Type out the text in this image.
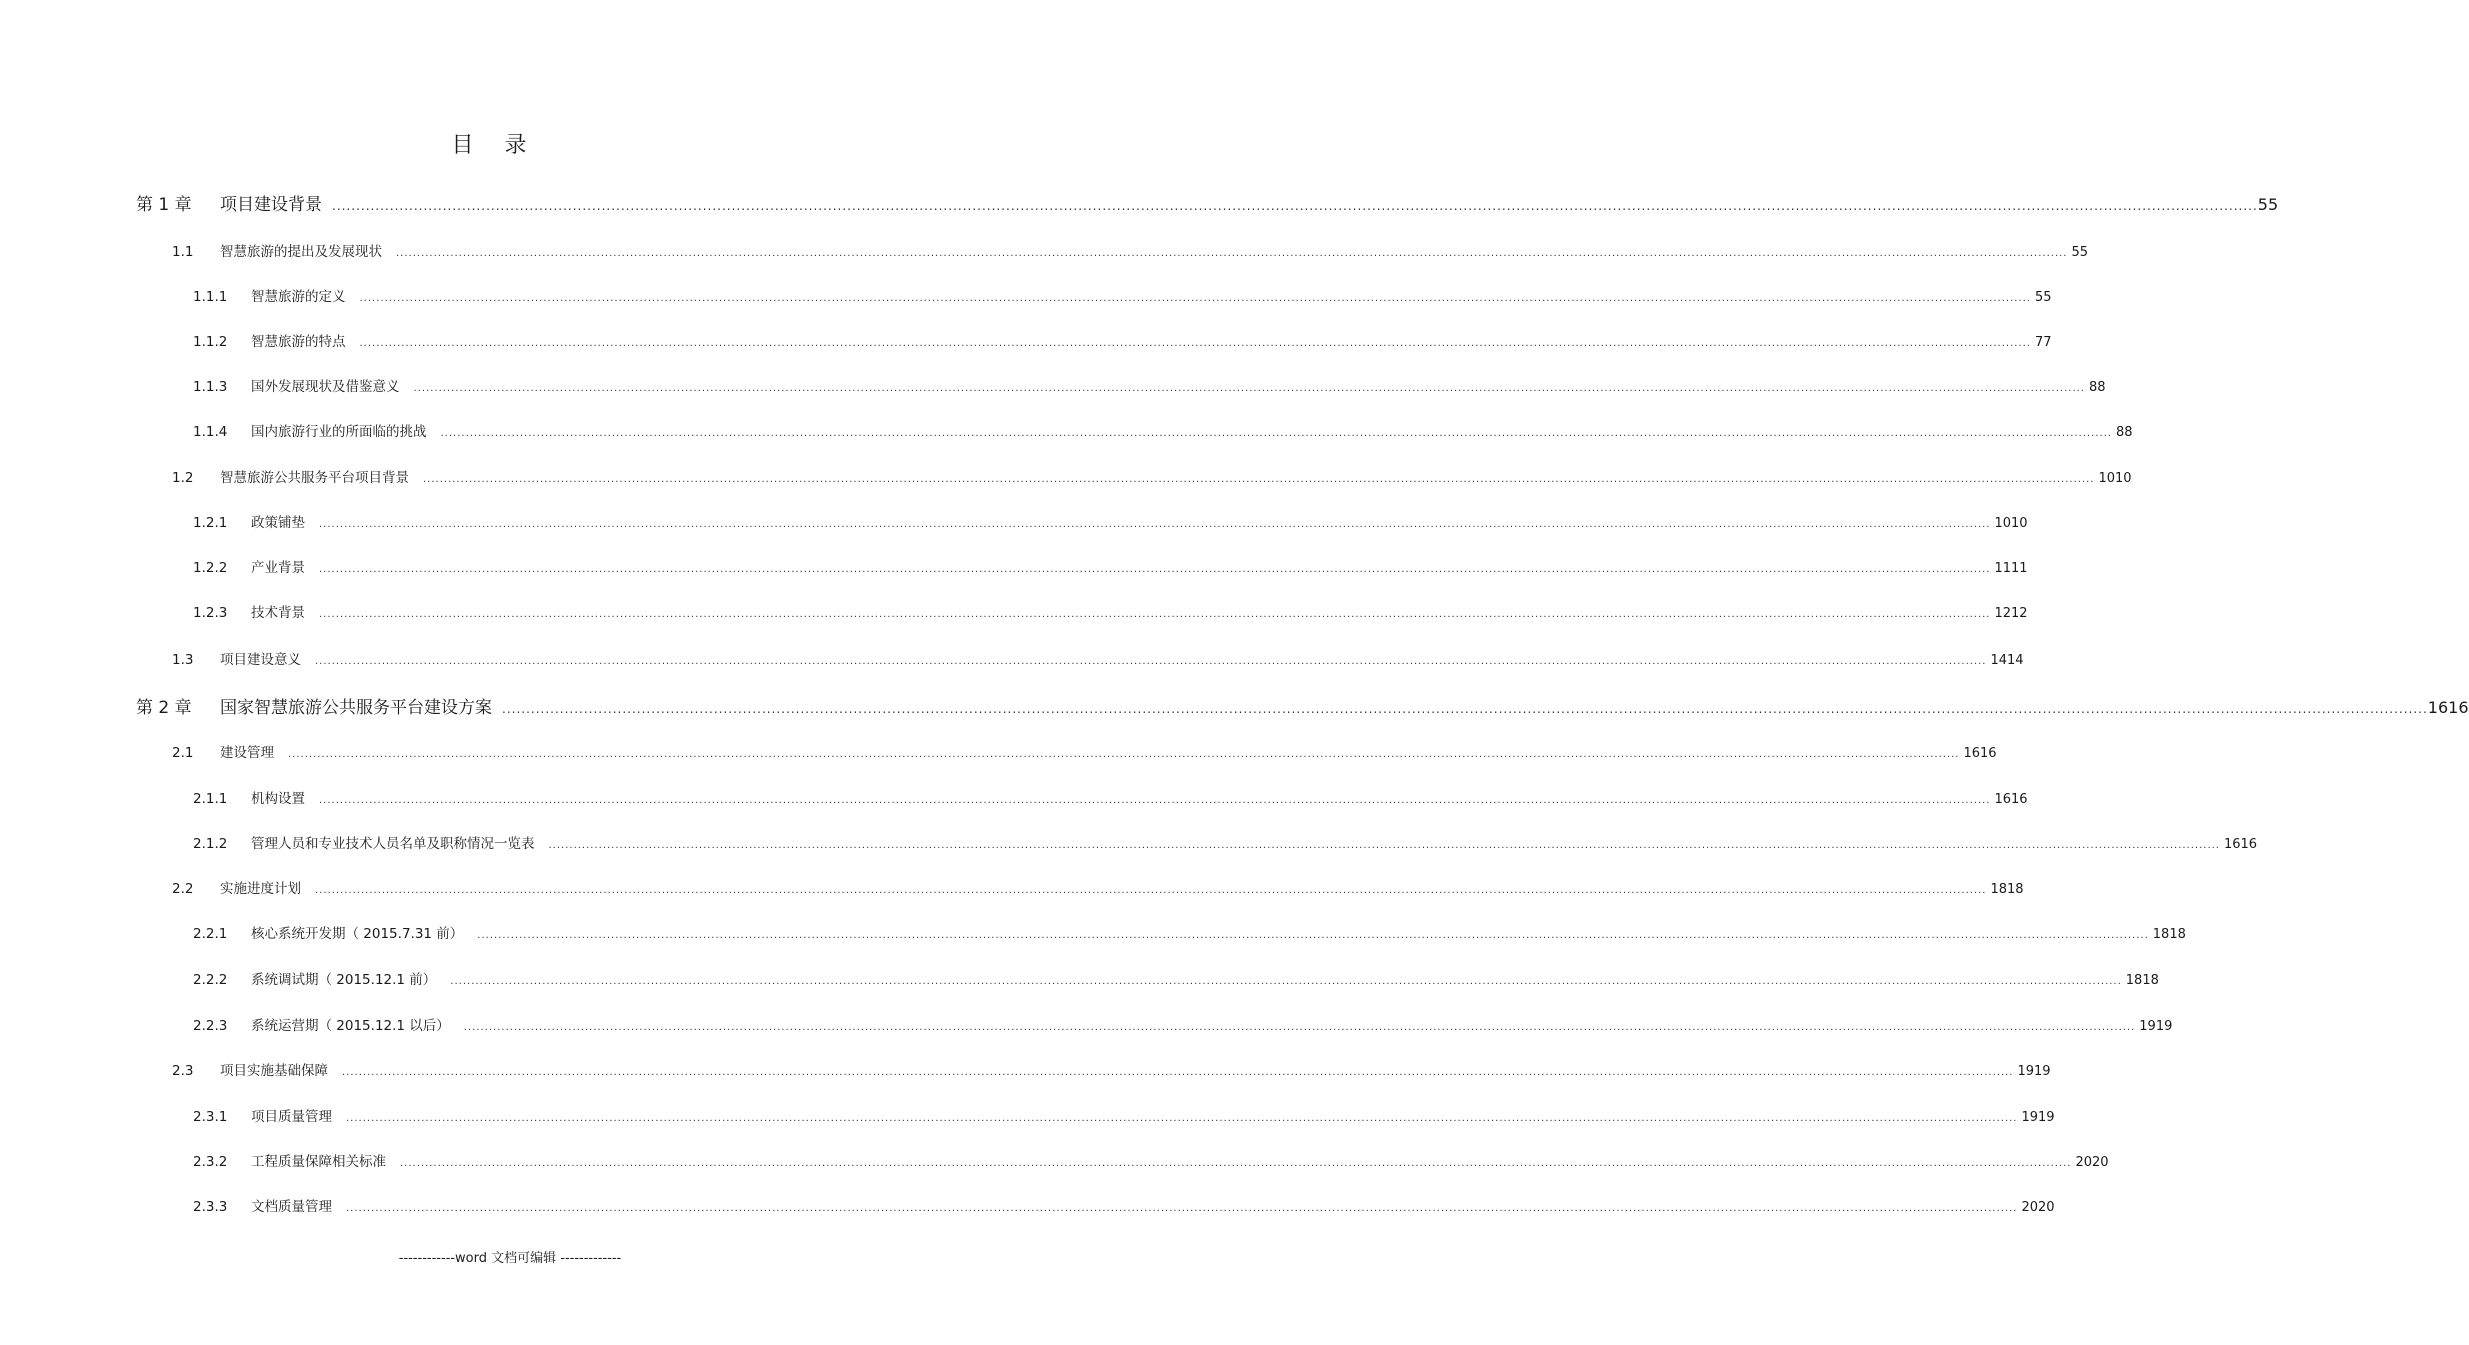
目 录
第 1 章	项目建设背景 ................................................................................................................................................................................................................................................................................................................................................................................................................ 55
1.1	智慧旅游的提出及发展现状 ................................................................................................................................................................................................................................................................................................................................................................................................................ 55
1.1.1	智慧旅游的定义 ................................................................................................................................................................................................................................................................................................................................................................................................................ 55
1.1.2	智慧旅游的特点 ................................................................................................................................................................................................................................................................................................................................................................................................................ 77
1.1.3	国外发展现状及借鉴意义 ................................................................................................................................................................................................................................................................................................................................................................................................................ 88
1.1.4	国内旅游行业的所面临的挑战 ................................................................................................................................................................................................................................................................................................................................................................................................................ 88
1.2	智慧旅游公共服务平台项目背景 ................................................................................................................................................................................................................................................................................................................................................................................................................ 1010
1.2.1	政策铺垫 ................................................................................................................................................................................................................................................................................................................................................................................................................ 1010
1.2.2	产业背景 ................................................................................................................................................................................................................................................................................................................................................................................................................ 1111
1.2.3	技术背景 ................................................................................................................................................................................................................................................................................................................................................................................................................ 1212
1.3	项目建设意义 ................................................................................................................................................................................................................................................................................................................................................................................................................ 1414
第 2 章	国家智慧旅游公共服务平台建设方案 ................................................................................................................................................................................................................................................................................................................................................................................................................ 1616
2.1	建设管理 ................................................................................................................................................................................................................................................................................................................................................................................................................ 1616
2.1.1	机构设置 ................................................................................................................................................................................................................................................................................................................................................................................................................ 1616
2.1.2	管理人员和专业技术人员名单及职称情况一览表 ................................................................................................................................................................................................................................................................................................................................................................................................................ 1616
2.2	实施进度计划 ................................................................................................................................................................................................................................................................................................................................................................................................................ 1818
2.2.1	核心系统开发期（ 2015.7.31 前） ................................................................................................................................................................................................................................................................................................................................................................................................................ 1818
2.2.2	系统调试期（ 2015.12.1 前） ................................................................................................................................................................................................................................................................................................................................................................................................................ 1818
2.2.3	系统运营期（ 2015.12.1 以后） ................................................................................................................................................................................................................................................................................................................................................................................................................ 1919
2.3	项目实施基础保障 ................................................................................................................................................................................................................................................................................................................................................................................................................ 1919
2.3.1	项目质量管理 ................................................................................................................................................................................................................................................................................................................................................................................................................ 1919
2.3.2	工程质量保障相关标准 ................................................................................................................................................................................................................................................................................................................................................................................................................ 2020
2.3.3	文档质量管理 ................................................................................................................................................................................................................................................................................................................................................................................................................ 2020
------------word 文档可编辑 -------------
